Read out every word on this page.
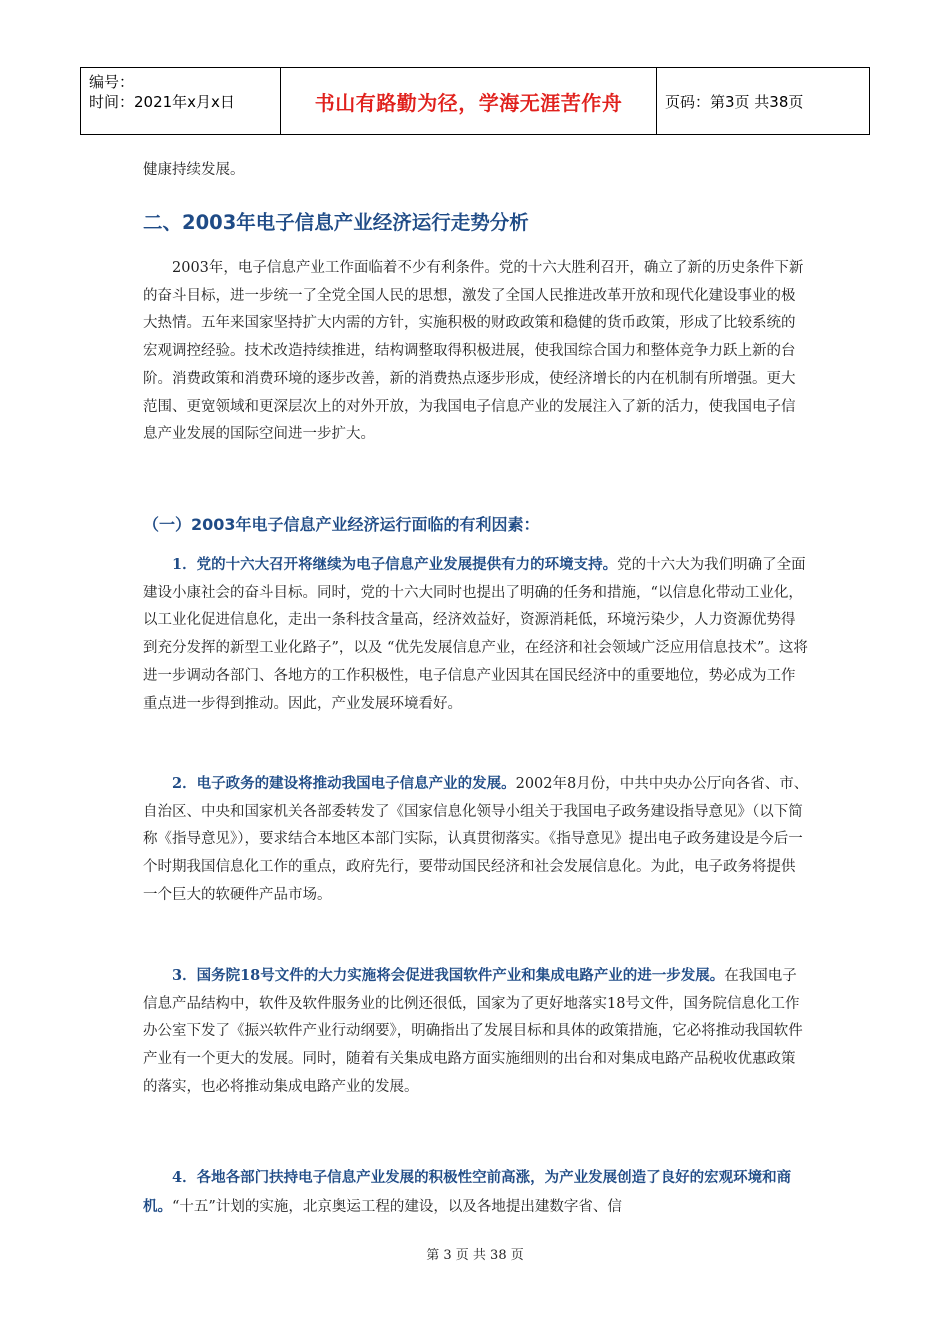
编号：
时间：2021年x月x日	书山有路勤为径，学海无涯苦作舟	页码：第3页 共38页

健康持续发展。

二、2003年电子信息产业经济运行走势分析

2003年，电子信息产业工作面临着不少有利条件。党的十六大胜利召开，确立了新的历史条件下新的奋斗目标，进一步统一了全党全国人民的思想，激发了全国人民推进改革开放和现代化建设事业的极大热情。五年来国家坚持扩大内需的方针，实施积极的财政政策和稳健的货币政策，形成了比较系统的宏观调控经验。技术改造持续推进，结构调整取得积极进展，使我国综合国力和整体竞争力跃上新的台阶。消费政策和消费环境的逐步改善，新的消费热点逐步形成，使经济增长的内在机制有所增强。更大范围、更宽领域和更深层次上的对外开放，为我国电子信息产业的发展注入了新的活力，使我国电子信息产业发展的国际空间进一步扩大。

（一）2003年电子信息产业经济运行面临的有利因素：

1．党的十六大召开将继续为电子信息产业发展提供有力的环境支持。党的十六大为我们明确了全面建设小康社会的奋斗目标。同时，党的十六大同时也提出了明确的任务和措施，“以信息化带动工业化，以工业化促进信息化，走出一条科技含量高，经济效益好，资源消耗低，环境污染少，人力资源优势得到充分发挥的新型工业化路子”，以及 “优先发展信息产业，在经济和社会领域广泛应用信息技术”。这将进一步调动各部门、各地方的工作积极性，电子信息产业因其在国民经济中的重要地位，势必成为工作重点进一步得到推动。因此，产业发展环境看好。

2．电子政务的建设将推动我国电子信息产业的发展。2002年8月份，中共中央办公厅向各省、市、自治区、中央和国家机关各部委转发了《国家信息化领导小组关于我国电子政务建设指导意见》（以下简称《指导意见》），要求结合本地区本部门实际，认真贯彻落实。《指导意见》提出电子政务建设是今后一个时期我国信息化工作的重点，政府先行，要带动国民经济和社会发展信息化。为此，电子政务将提供一个巨大的软硬件产品市场。

3．国务院18号文件的大力实施将会促进我国软件产业和集成电路产业的进一步发展。在我国电子信息产品结构中，软件及软件服务业的比例还很低，国家为了更好地落实18号文件，国务院信息化工作办公室下发了《振兴软件产业行动纲要》，明确指出了发展目标和具体的政策措施，它必将推动我国软件产业有一个更大的发展。同时，随着有关集成电路方面实施细则的出台和对集成电路产品税收优惠政策的落实，也必将推动集成电路产业的发展。

4．各地各部门扶持电子信息产业发展的积极性空前高涨，为产业发展创造了良好的宏观环境和商机。“十五”计划的实施，北京奥运工程的建设，以及各地提出建数字省、信

第 3 页 共 38 页
